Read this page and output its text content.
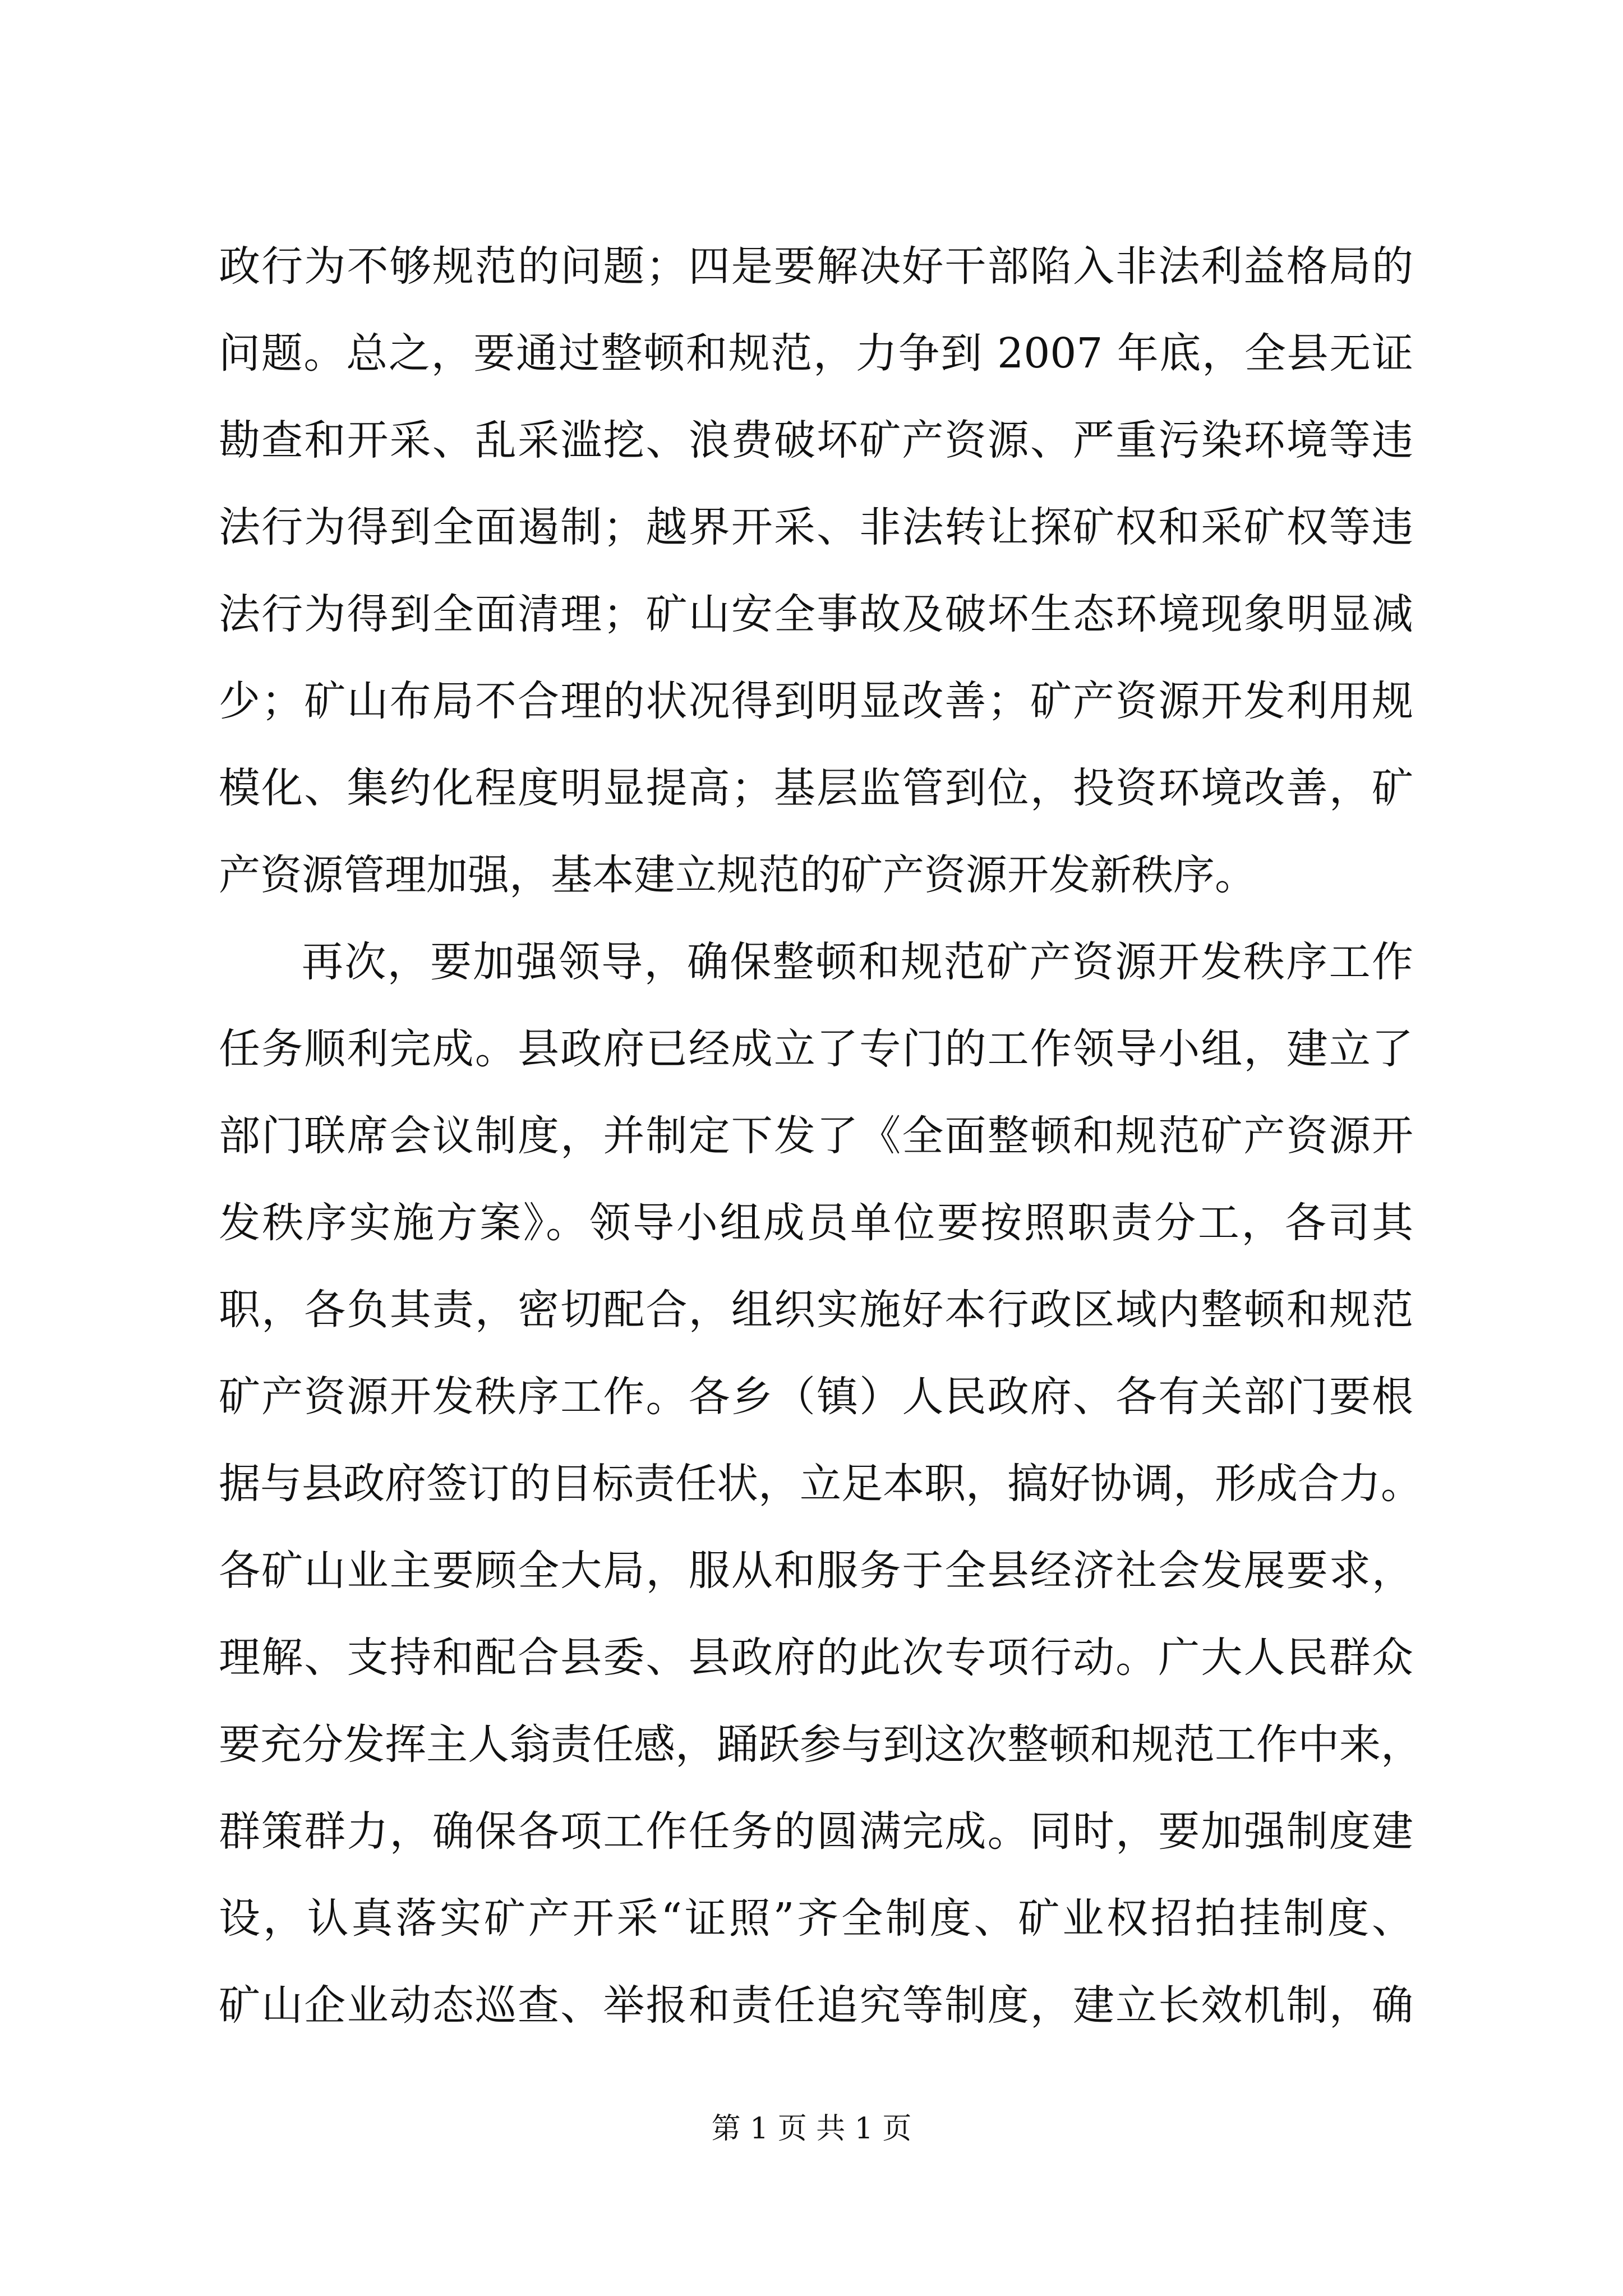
政行为不够规范的问题；四是要解决好干部陷入非法利益格局的
问题。总之，要通过整顿和规范，力争到 2007 年底，全县无证
勘查和开采、乱采滥挖、浪费破坏矿产资源、严重污染环境等违
法行为得到全面遏制；越界开采、非法转让探矿权和采矿权等违
法行为得到全面清理；矿山安全事故及破坏生态环境现象明显减
少；矿山布局不合理的状况得到明显改善；矿产资源开发利用规
模化、集约化程度明显提高；基层监管到位，投资环境改善，矿
产资源管理加强，基本建立规范的矿产资源开发新秩序。
再次，要加强领导，确保整顿和规范矿产资源开发秩序工作
任务顺利完成。县政府已经成立了专门的工作领导小组，建立了
部门联席会议制度，并制定下发了《全面整顿和规范矿产资源开
发秩序实施方案》。领导小组成员单位要按照职责分工，各司其
职，各负其责，密切配合，组织实施好本行政区域内整顿和规范
矿产资源开发秩序工作。各乡（镇）人民政府、各有关部门要根
据与县政府签订的目标责任状，立足本职，搞好协调，形成合力。
各矿山业主要顾全大局，服从和服务于全县经济社会发展要求，
理解、支持和配合县委、县政府的此次专项行动。广大人民群众
要充分发挥主人翁责任感，踊跃参与到这次整顿和规范工作中来，
群策群力，确保各项工作任务的圆满完成。同时，要加强制度建
设，认真落实矿产开采“证照”齐全制度、矿业权招拍挂制度、
矿山企业动态巡查、举报和责任追究等制度，建立长效机制，确
第 1 页 共 1 页
